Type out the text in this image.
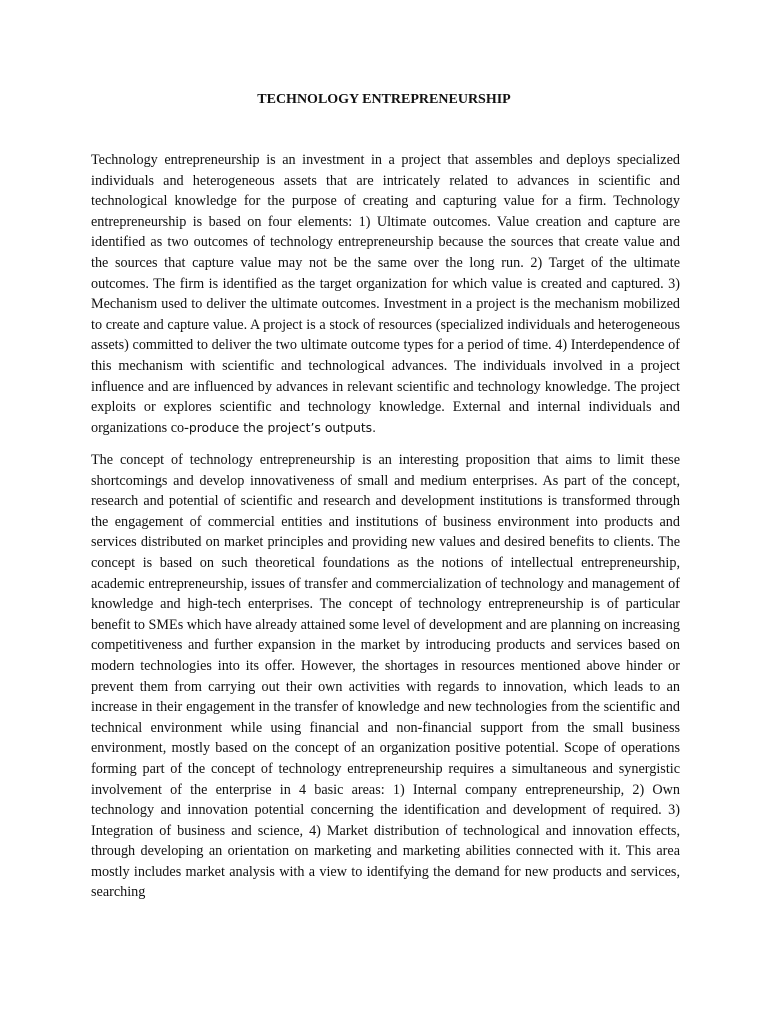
TECHNOLOGY ENTREPRENEURSHIP

Technology entrepreneurship is an investment in a project that assembles and deploys specialized individuals and heterogeneous assets that are intricately related to advances in scientific and technological knowledge for the purpose of creating and capturing value for a firm. Technology entrepreneurship is based on four elements: 1) Ultimate outcomes. Value creation and capture are identified as two outcomes of technology entrepreneurship because the sources that create value and the sources that capture value may not be the same over the long run. 2) Target of the ultimate outcomes. The firm is identified as the target organization for which value is created and captured. 3) Mechanism used to deliver the ultimate outcomes. Investment in a project is the mechanism mobilized to create and capture value. A project is a stock of resources (specialized individuals and heterogeneous assets) committed to deliver the two ultimate outcome types for a period of time. 4) Interdependence of this mechanism with scientific and technological advances. The individuals involved in a project influence and are influenced by advances in relevant scientific and technology knowledge. The project exploits or explores scientific and technology knowledge. External and internal individuals and organizations co-produce the project’s outputs.

The concept of technology entrepreneurship is an interesting proposition that aims to limit these shortcomings and develop innovativeness of small and medium enterprises. As part of the concept, research and potential of scientific and research and development institutions is transformed through the engagement of commercial entities and institutions of business environment into products and services distributed on market principles and providing new values and desired benefits to clients. The concept is based on such theoretical foundations as the notions of intellectual entrepreneurship, academic entrepreneurship, issues of transfer and commercialization of technology and management of knowledge and high-tech enterprises. The concept of technology entrepreneurship is of particular benefit to SMEs which have already attained some level of development and are planning on increasing competitiveness and further expansion in the market by introducing products and services based on modern technologies into its offer. However, the shortages in resources mentioned above hinder or prevent them from carrying out their own activities with regards to innovation, which leads to an increase in their engagement in the transfer of knowledge and new technologies from the scientific and technical environment while using financial and non-financial support from the small business environment, mostly based on the concept of an organization positive potential. Scope of operations forming part of the concept of technology entrepreneurship requires a simultaneous and synergistic involvement of the enterprise in 4 basic areas: 1) Internal company entrepreneurship, 2) Own technology and innovation potential concerning the identification and development of required. 3) Integration of business and science, 4) Market distribution of technological and innovation effects, through developing an orientation on marketing and marketing abilities connected with it. This area mostly includes market analysis with a view to identifying the demand for new products and services, searching
